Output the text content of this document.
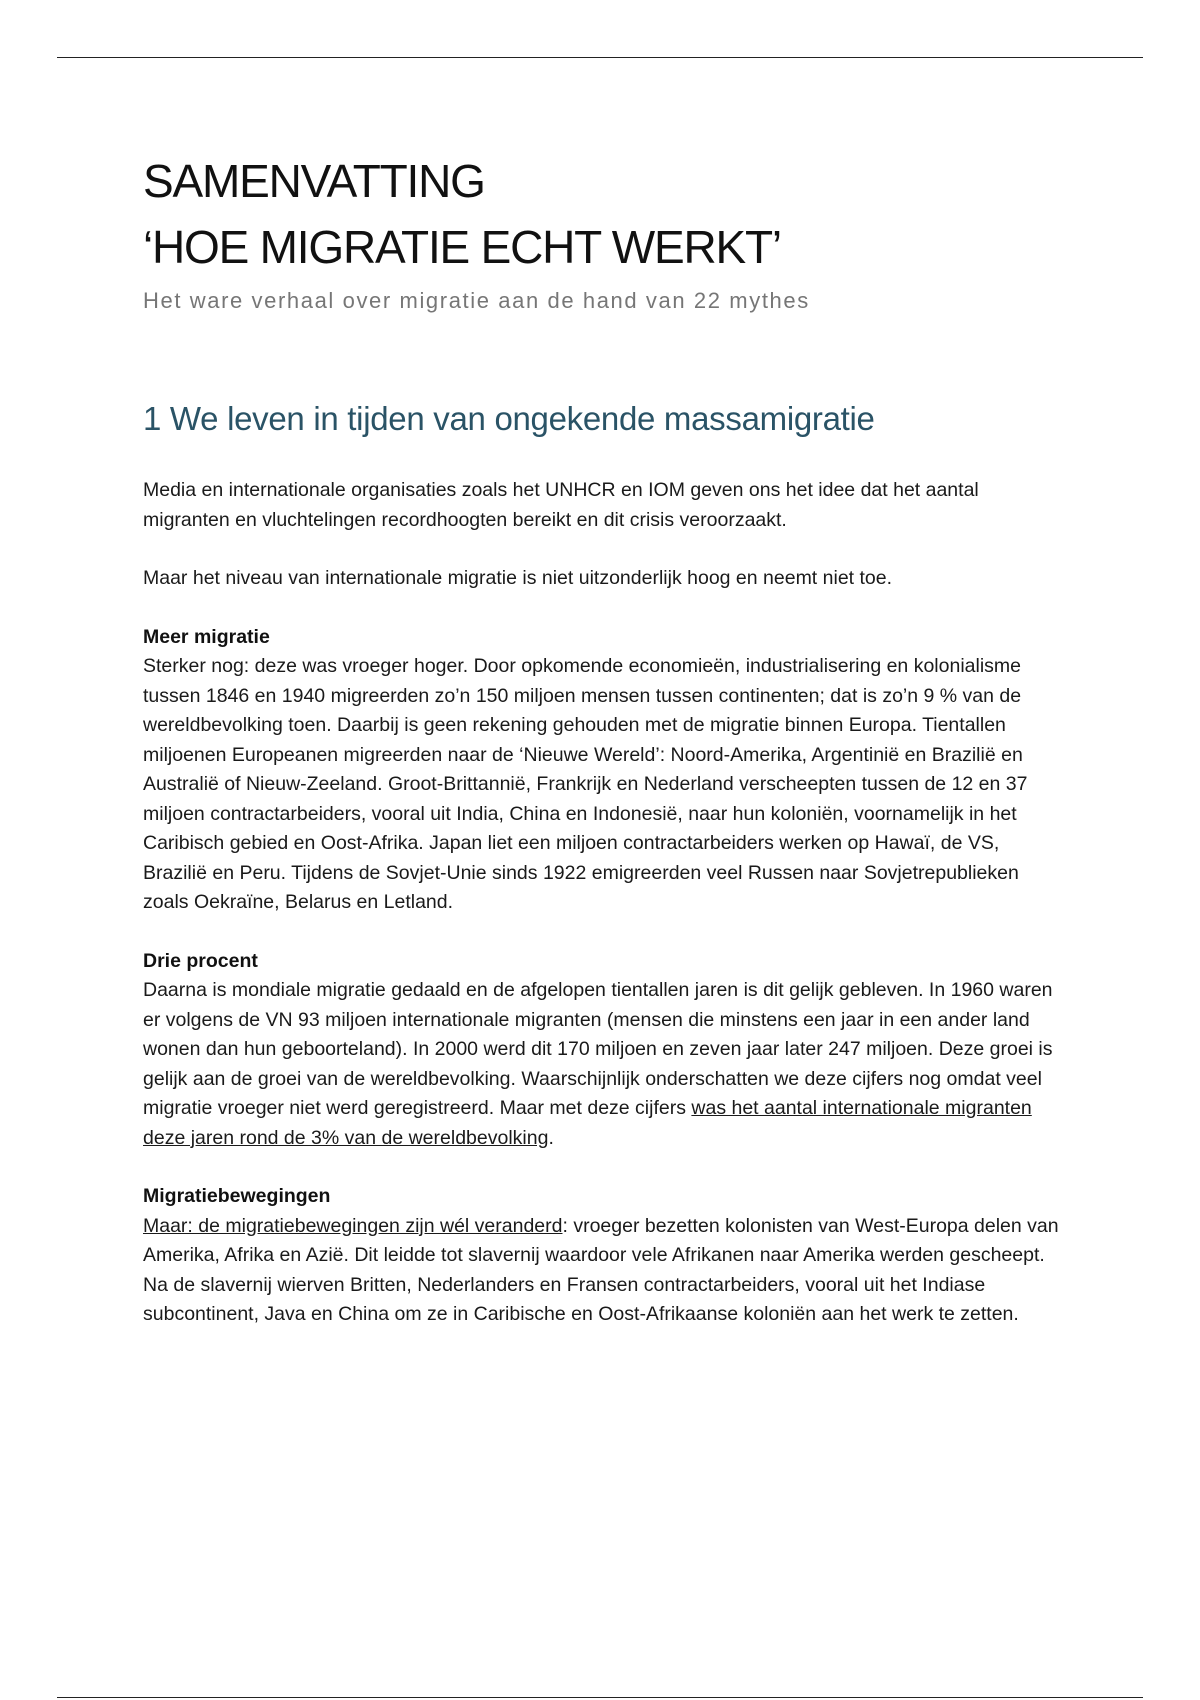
SAMENVATTING
‘HOE MIGRATIE ECHT WERKT’

Het ware verhaal over migratie aan de hand van 22 mythes

1 We leven in tijden van ongekende massamigratie

Media en internationale organisaties zoals het UNHCR en IOM geven ons het idee dat het aantal migranten en vluchtelingen recordhoogten bereikt en dit crisis veroorzaakt.

Maar het niveau van internationale migratie is niet uitzonderlijk hoog en neemt niet toe.

Meer migratie

Sterker nog: deze was vroeger hoger. Door opkomende economieën, industrialisering en kolonialisme tussen 1846 en 1940 migreerden zo’n 150 miljoen mensen tussen continenten; dat is zo’n 9 % van de wereldbevolking toen. Daarbij is geen rekening gehouden met de migratie binnen Europa. Tientallen miljoenen Europeanen migreerden naar de ‘Nieuwe Wereld’: Noord-Amerika, Argentinië en Brazilië en Australië of Nieuw-Zeeland. Groot-Brittannië, Frankrijk en Nederland verscheepten tussen de 12 en 37 miljoen contractarbeiders, vooral uit India, China en Indonesië, naar hun koloniën, voornamelijk in het Caribisch gebied en Oost-Afrika. Japan liet een miljoen contractarbeiders werken op Hawaï, de VS, Brazilië en Peru. Tijdens de Sovjet-Unie sinds 1922 emigreerden veel Russen naar Sovjetrepublieken zoals Oekraïne, Belarus en Letland.

Drie procent

Daarna is mondiale migratie gedaald en de afgelopen tientallen jaren is dit gelijk gebleven. In 1960 waren er volgens de VN 93 miljoen internationale migranten (mensen die minstens een jaar in een ander land wonen dan hun geboorteland). In 2000 werd dit 170 miljoen en zeven jaar later 247 miljoen. Deze groei is gelijk aan de groei van de wereldbevolking. Waarschijnlijk onderschatten we deze cijfers nog omdat veel migratie vroeger niet werd geregistreerd. Maar met deze cijfers was het aantal internationale migranten deze jaren rond de 3% van de wereldbevolking.

Migratiebewegingen

Maar: de migratiebewegingen zijn wél veranderd: vroeger bezetten kolonisten van West-Europa delen van Amerika, Afrika en Azië. Dit leidde tot slavernij waardoor vele Afrikanen naar Amerika werden gescheept. Na de slavernij wierven Britten, Nederlanders en Fransen contractarbeiders, vooral uit het Indiase subcontinent, Java en China om ze in Caribische en Oost-Afrikaanse koloniën aan het werk te zetten.
